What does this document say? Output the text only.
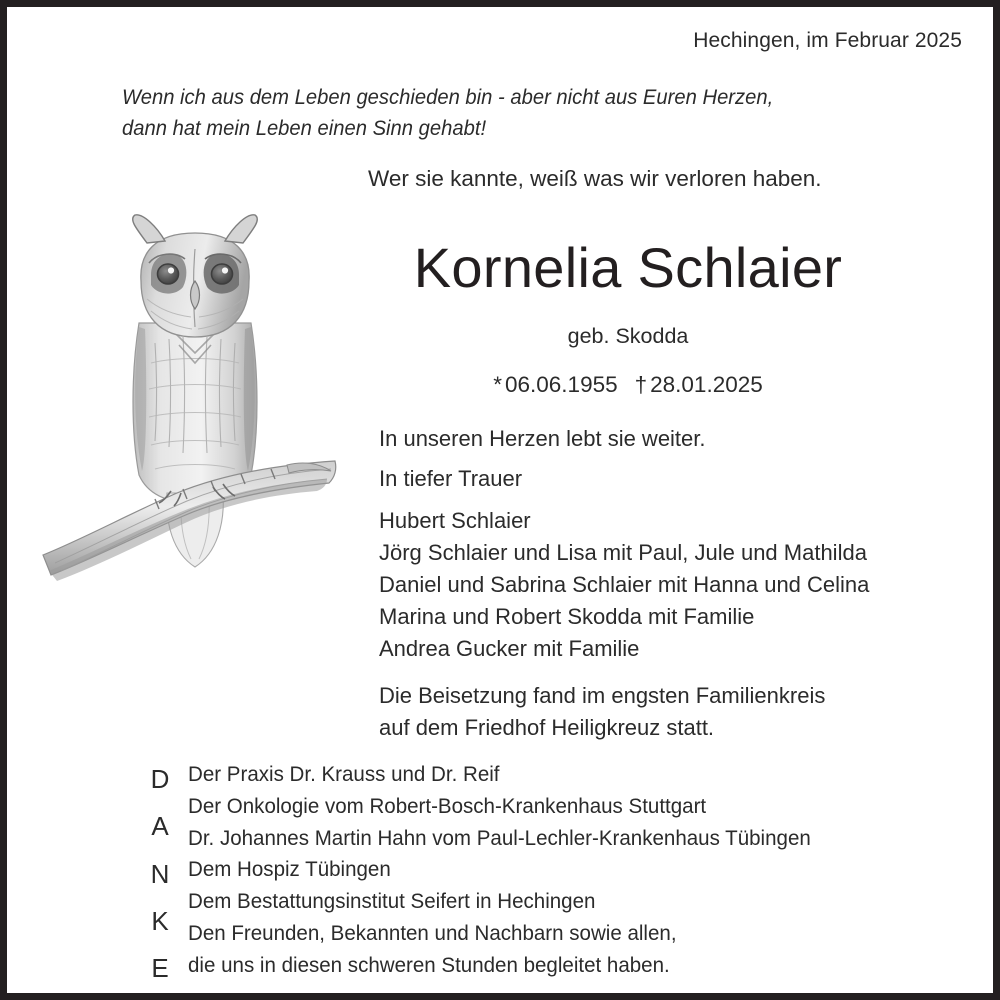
Hechingen, im Februar 2025
Wenn ich aus dem Leben geschieden bin - aber nicht aus Euren Herzen,
dann hat mein Leben einen Sinn gehabt!
Wer sie kannte, weiß was wir verloren haben.
Kornelia Schlaier
geb. Skodda
* 06.06.1955 † 28.01.2025
In unseren Herzen lebt sie weiter.
In tiefer Trauer
Hubert Schlaier
Jörg Schlaier und Lisa mit Paul, Jule und Mathilda
Daniel und Sabrina Schlaier mit Hanna und Celina
Marina und Robert Skodda mit Familie
Andrea Gucker mit Familie
Die Beisetzung fand im engsten Familienkreis
auf dem Friedhof Heiligkreuz statt.
D
A
N
K
E
Der Praxis Dr. Krauss und Dr. Reif
Der Onkologie vom Robert-Bosch-Krankenhaus Stuttgart
Dr. Johannes Martin Hahn vom Paul-Lechler-Krankenhaus Tübingen
Dem Hospiz Tübingen
Dem Bestattungsinstitut Seifert in Hechingen
Den Freunden, Bekannten und Nachbarn sowie allen,
die uns in diesen schweren Stunden begleitet haben.
